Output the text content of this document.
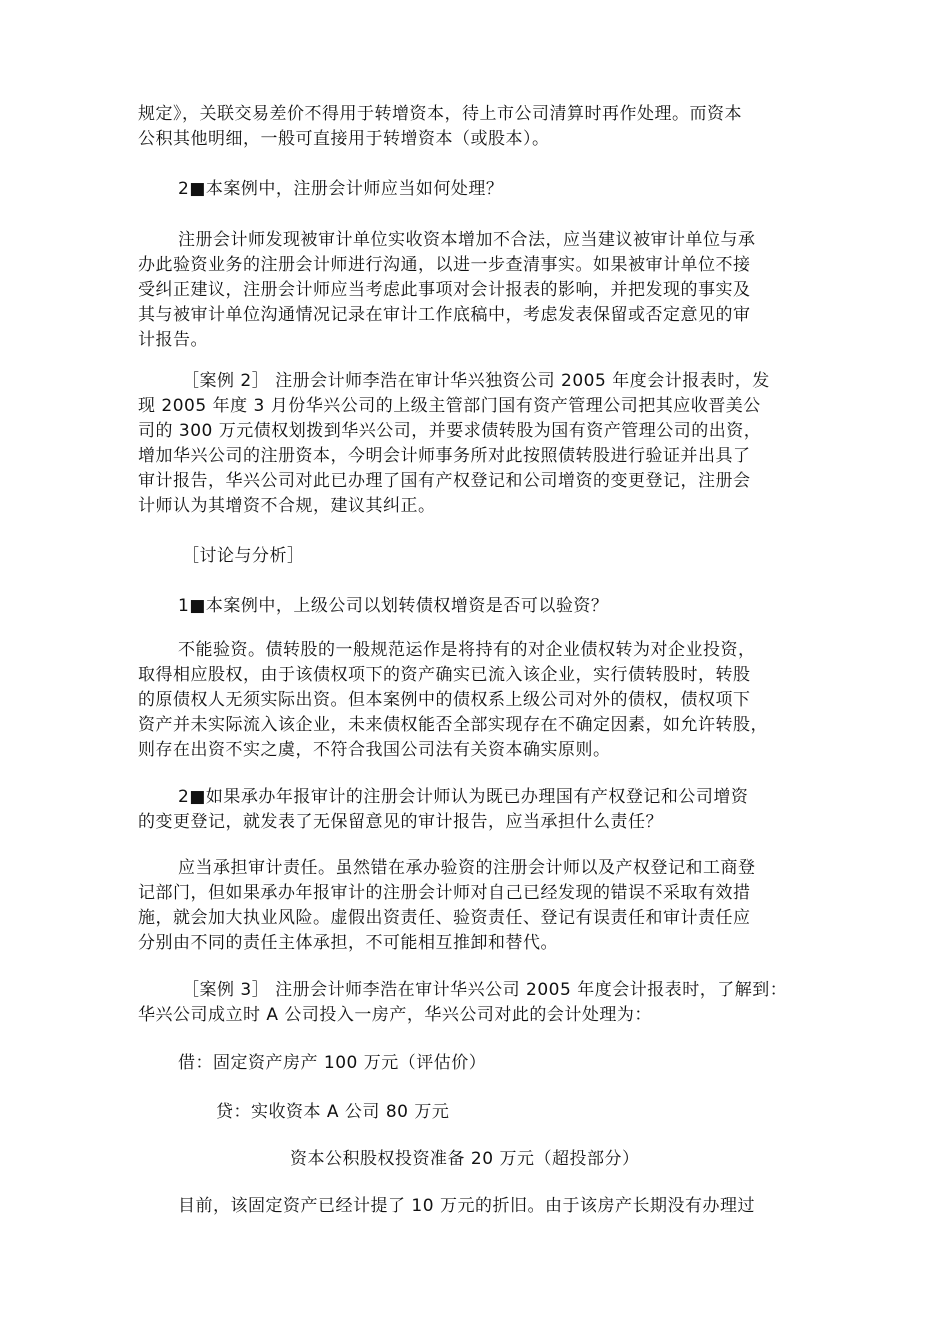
规定》，关联交易差价不得用于转增资本，待上市公司清算时再作处理。而资本
公积其他明细，一般可直接用于转增资本（或股本）。

2■本案例中，注册会计师应当如何处理？

注册会计师发现被审计单位实收资本增加不合法，应当建议被审计单位与承
办此验资业务的注册会计师进行沟通，以进一步查清事实。如果被审计单位不接
受纠正建议，注册会计师应当考虑此事项对会计报表的影响，并把发现的事实及
其与被审计单位沟通情况记录在审计工作底稿中，考虑发表保留或否定意见的审
计报告。

［案例 2］ 注册会计师李浩在审计华兴独资公司 2005 年度会计报表时，发
现 2005 年度 3 月份华兴公司的上级主管部门国有资产管理公司把其应收晋美公
司的 300 万元债权划拨到华兴公司，并要求债转股为国有资产管理公司的出资，
增加华兴公司的注册资本，今明会计师事务所对此按照债转股进行验证并出具了
审计报告，华兴公司对此已办理了国有产权登记和公司增资的变更登记，注册会
计师认为其增资不合规，建议其纠正。

［讨论与分析］

1■本案例中，上级公司以划转债权增资是否可以验资？

不能验资。债转股的一般规范运作是将持有的对企业债权转为对企业投资，
取得相应股权，由于该债权项下的资产确实已流入该企业，实行债转股时，转股
的原债权人无须实际出资。但本案例中的债权系上级公司对外的债权，债权项下
资产并未实际流入该企业，未来债权能否全部实现存在不确定因素，如允许转股，
则存在出资不实之虞，不符合我国公司法有关资本确实原则。

2■如果承办年报审计的注册会计师认为既已办理国有产权登记和公司增资
的变更登记，就发表了无保留意见的审计报告，应当承担什么责任？

应当承担审计责任。虽然错在承办验资的注册会计师以及产权登记和工商登
记部门，但如果承办年报审计的注册会计师对自己已经发现的错误不采取有效措
施，就会加大执业风险。虚假出资责任、验资责任、登记有误责任和审计责任应
分别由不同的责任主体承担，不可能相互推卸和替代。

［案例 3］ 注册会计师李浩在审计华兴公司 2005 年度会计报表时，了解到：
华兴公司成立时 A 公司投入一房产，华兴公司对此的会计处理为：

借：固定资产房产 100 万元（评估价）

贷：实收资本 A 公司 80 万元

资本公积股权投资准备 20 万元（超投部分）

目前，该固定资产已经计提了 10 万元的折旧。由于该房产长期没有办理过
